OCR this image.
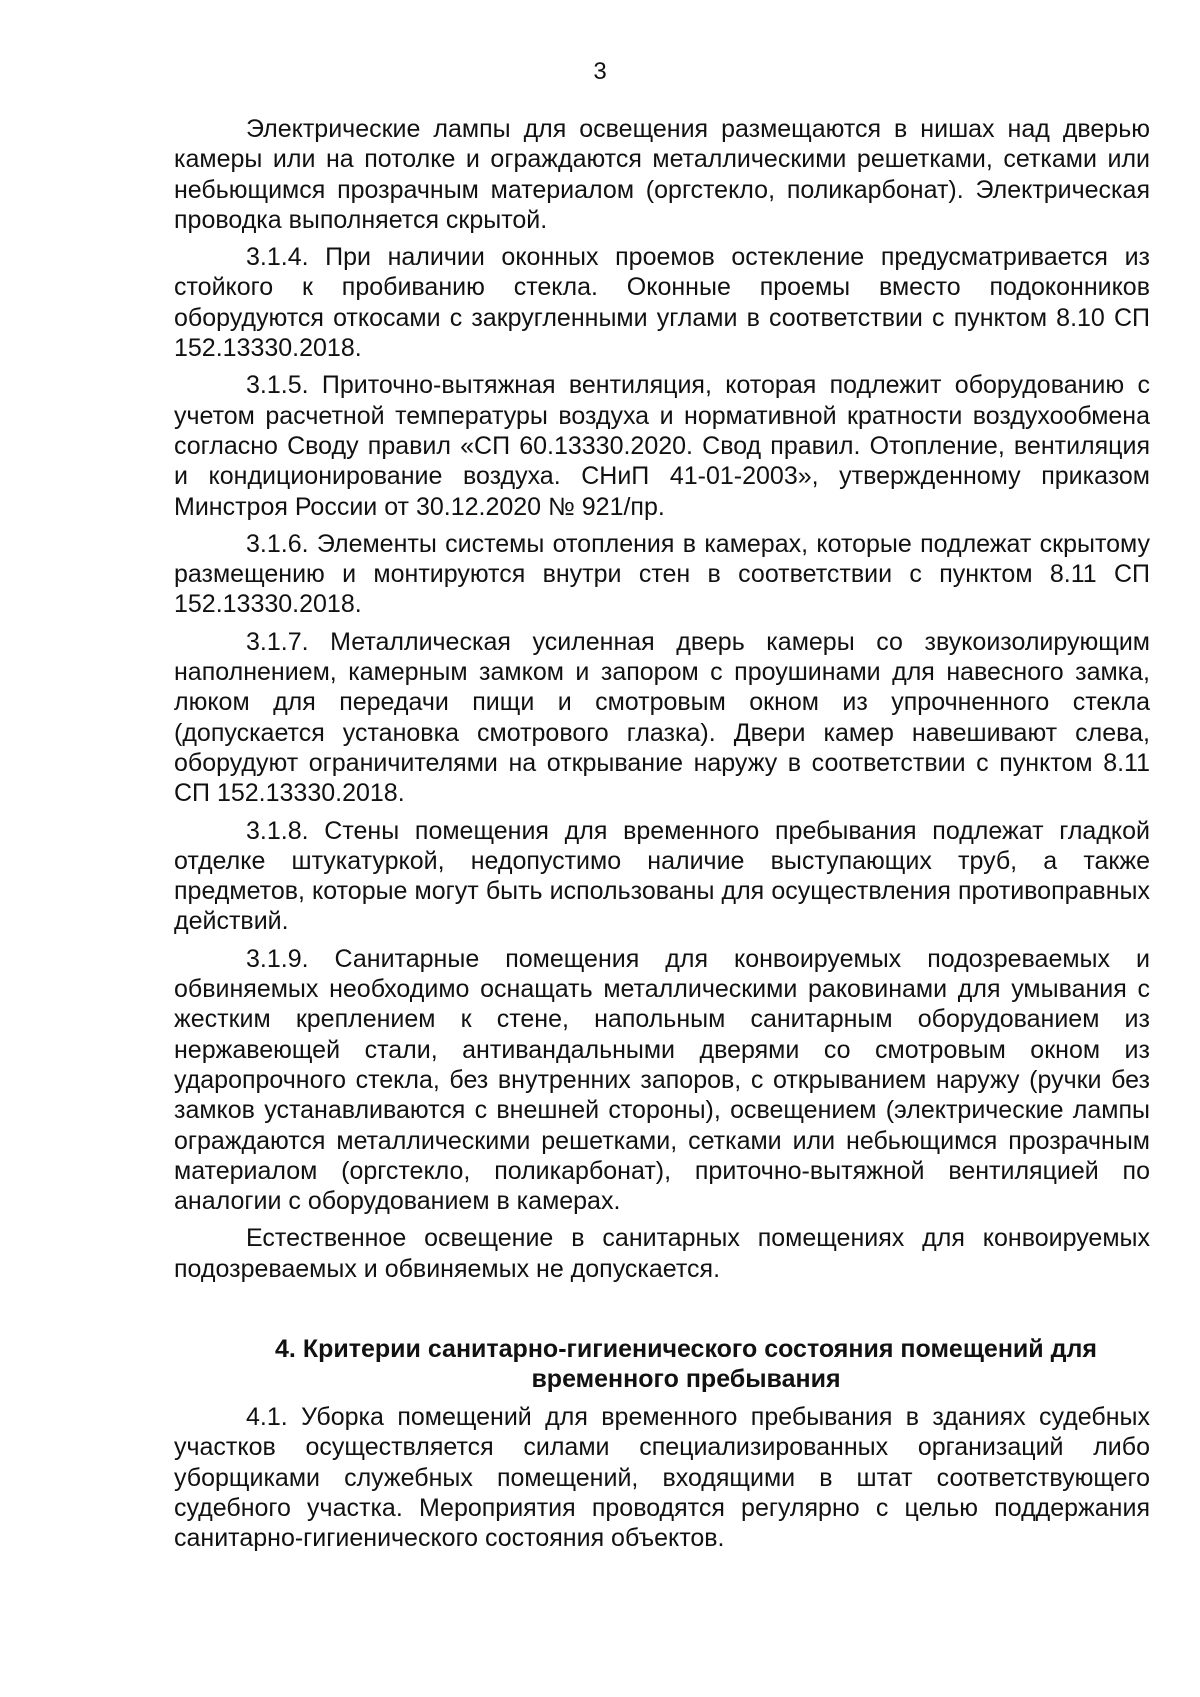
3

Электрические лампы для освещения размещаются в нишах над дверью камеры или на потолке и ограждаются металлическими решетками, сетками или небьющимся прозрачным материалом (оргстекло, поликарбонат). Электрическая проводка выполняется скрытой.

3.1.4. При наличии оконных проемов остекление предусматривается из стойкого к пробиванию стекла. Оконные проемы вместо подоконников оборудуются откосами с закругленными углами в соответствии с пунктом 8.10 СП 152.13330.2018.

3.1.5. Приточно-вытяжная вентиляция, которая подлежит оборудованию с учетом расчетной температуры воздуха и нормативной кратности воздухообмена согласно Своду правил «СП 60.13330.2020. Свод правил. Отопление, вентиляция и кондиционирование воздуха. СНиП 41-01-2003», утвержденному приказом Минстроя России от 30.12.2020 № 921/пр.

3.1.6. Элементы системы отопления в камерах, которые подлежат скрытому размещению и монтируются внутри стен в соответствии с пунктом 8.11 СП 152.13330.2018.

3.1.7. Металлическая усиленная дверь камеры со звукоизолирующим наполнением, камерным замком и запором с проушинами для навесного замка, люком для передачи пищи и смотровым окном из упрочненного стекла (допускается установка смотрового глазка). Двери камер навешивают слева, оборудуют ограничителями на открывание наружу в соответствии с пунктом 8.11 СП 152.13330.2018.

3.1.8. Стены помещения для временного пребывания подлежат гладкой отделке штукатуркой, недопустимо наличие выступающих труб, а также предметов, которые могут быть использованы для осуществления противоправных действий.

3.1.9. Санитарные помещения для конвоируемых подозреваемых и обвиняемых необходимо оснащать металлическими раковинами для умывания с жестким креплением к стене, напольным санитарным оборудованием из нержавеющей стали, антивандальными дверями со смотровым окном из ударопрочного стекла, без внутренних запоров, с открыванием наружу (ручки без замков устанавливаются с внешней стороны), освещением (электрические лампы ограждаются металлическими решетками, сетками или небьющимся прозрачным материалом (оргстекло, поликарбонат), приточно-вытяжной вентиляцией по аналогии с оборудованием в камерах.

Естественное освещение в санитарных помещениях для конвоируемых подозреваемых и обвиняемых не допускается.

4. Критерии санитарно-гигиенического состояния помещений для
временного пребывания

4.1. Уборка помещений для временного пребывания в зданиях судебных участков осуществляется силами специализированных организаций либо уборщиками служебных помещений, входящими в штат соответствующего судебного участка. Мероприятия проводятся регулярно с целью поддержания санитарно-гигиенического состояния объектов.
